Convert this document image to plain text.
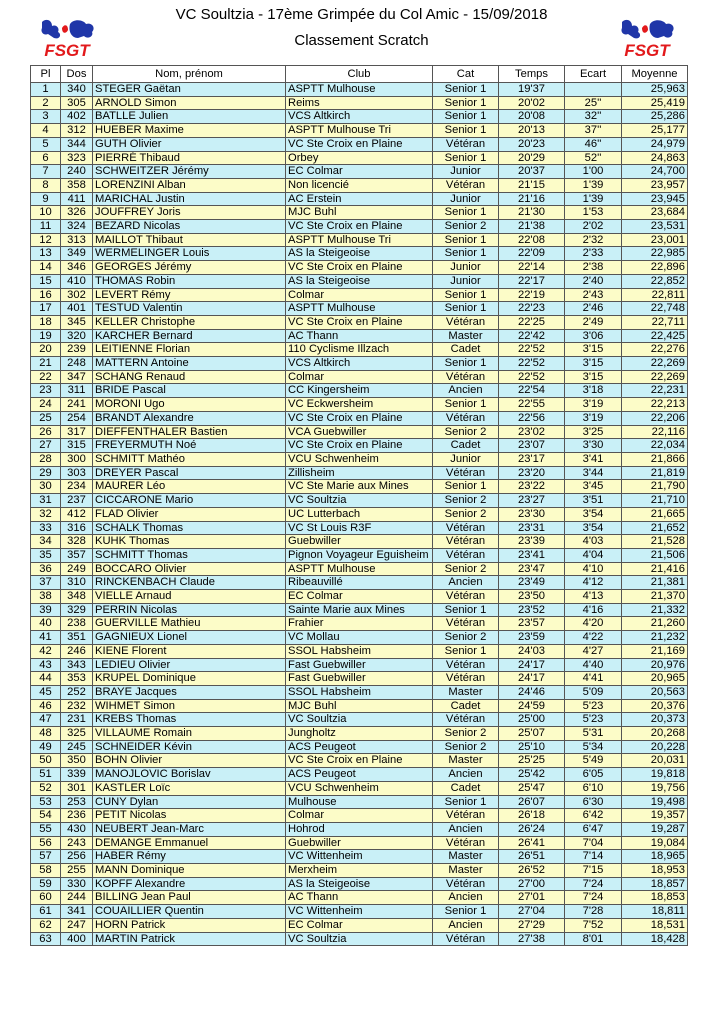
FSGT
VC Soultzia - 17ème Grimpée du Col Amic - 15/09/2018
Classement Scratch
FSGT
Pl	Dos	Nom, prénom	Club	Cat	Temps	Ecart	Moyenne
1	340	STEGER Gaëtan	ASPTT Mulhouse	Senior 1	19'37		25,963
2	305	ARNOLD Simon	Reims	Senior 1	20'02	25''	25,419
3	402	BATLLE Julien	VCS Altkirch	Senior 1	20'08	32''	25,286
4	312	HUEBER Maxime	ASPTT Mulhouse Tri	Senior 1	20'13	37''	25,177
5	344	GUTH Olivier	VC Ste Croix en Plaine	Vétéran	20'23	46''	24,979
6	323	PIERRÉ Thibaud	Orbey	Senior 1	20'29	52''	24,863
7	240	SCHWEITZER Jérémy	EC Colmar	Junior	20'37	1'00	24,700
8	358	LORENZINI Alban	Non licencié	Vétéran	21'15	1'39	23,957
9	411	MARICHAL Justin	AC Erstein	Junior	21'16	1'39	23,945
10	326	JOUFFREY Joris	MJC Buhl	Senior 1	21'30	1'53	23,684
11	324	BEZARD Nicolas	VC Ste Croix en Plaine	Senior 2	21'38	2'02	23,531
12	313	MAILLOT Thibaut	ASPTT Mulhouse Tri	Senior 1	22'08	2'32	23,001
13	349	WERMELINGER Louis	AS la Steigeoise	Senior 1	22'09	2'33	22,985
14	346	GEORGES Jérémy	VC Ste Croix en Plaine	Junior	22'14	2'38	22,896
15	410	THOMAS Robin	AS la Steigeoise	Junior	22'17	2'40	22,852
16	302	LEVERT Rémy	Colmar	Senior 1	22'19	2'43	22,811
17	401	TESTUD Valentin	ASPTT Mulhouse	Senior 1	22'23	2'46	22,748
18	345	KELLER Christophe	VC Ste Croix en Plaine	Vétéran	22'25	2'49	22,711
19	320	KARCHER Bernard	AC Thann	Master	22'42	3'06	22,425
20	239	LEITIENNE Florian	110 Cyclisme Illzach	Cadet	22'52	3'15	22,276
21	248	MATTERN Antoine	VCS Altkirch	Senior 1	22'52	3'15	22,269
22	347	SCHANG Renaud	Colmar	Vétéran	22'52	3'15	22,269
23	311	BRIDE Pascal	CC Kingersheim	Ancien	22'54	3'18	22,231
24	241	MORONI Ugo	VC Eckwersheim	Senior 1	22'55	3'19	22,213
25	254	BRANDT Alexandre	VC Ste Croix en Plaine	Vétéran	22'56	3'19	22,206
26	317	DIEFFENTHALER Bastien	VCA Guebwiller	Senior 2	23'02	3'25	22,116
27	315	FREYERMUTH Noé	VC Ste Croix en Plaine	Cadet	23'07	3'30	22,034
28	300	SCHMITT Mathéo	VCU Schwenheim	Junior	23'17	3'41	21,866
29	303	DREYER Pascal	Zillisheim	Vétéran	23'20	3'44	21,819
30	234	MAURER Léo	VC Ste Marie aux Mines	Senior 1	23'22	3'45	21,790
31	237	CICCARONE Mario	VC Soultzia	Senior 2	23'27	3'51	21,710
32	412	FLAD Olivier	UC Lutterbach	Senior 2	23'30	3'54	21,665
33	316	SCHALK Thomas	VC St Louis R3F	Vétéran	23'31	3'54	21,652
34	328	KUHK Thomas	Guebwiller	Vétéran	23'39	4'03	21,528
35	357	SCHMITT Thomas	Pignon Voyageur Eguisheim	Vétéran	23'41	4'04	21,506
36	249	BOCCARO Olivier	ASPTT Mulhouse	Senior 2	23'47	4'10	21,416
37	310	RINCKENBACH Claude	Ribeauvillé	Ancien	23'49	4'12	21,381
38	348	VIELLE Arnaud	EC Colmar	Vétéran	23'50	4'13	21,370
39	329	PERRIN Nicolas	Sainte Marie aux Mines	Senior 1	23'52	4'16	21,332
40	238	GUERVILLE Mathieu	Frahier	Vétéran	23'57	4'20	21,260
41	351	GAGNIEUX Lionel	VC Mollau	Senior 2	23'59	4'22	21,232
42	246	KIENE Florent	SSOL Habsheim	Senior 1	24'03	4'27	21,169
43	343	LEDIEU Olivier	Fast Guebwiller	Vétéran	24'17	4'40	20,976
44	353	KRUPEL Dominique	Fast Guebwiller	Vétéran	24'17	4'41	20,965
45	252	BRAYE Jacques	SSOL Habsheim	Master	24'46	5'09	20,563
46	232	WIHMET Simon	MJC Buhl	Cadet	24'59	5'23	20,376
47	231	KREBS Thomas	VC Soultzia	Vétéran	25'00	5'23	20,373
48	325	VILLAUME Romain	Jungholtz	Senior 2	25'07	5'31	20,268
49	245	SCHNEIDER Kévin	ACS Peugeot	Senior 2	25'10	5'34	20,228
50	350	BOHN Olivier	VC Ste Croix en Plaine	Master	25'25	5'49	20,031
51	339	MANOJLOVIC Borislav	ACS Peugeot	Ancien	25'42	6'05	19,818
52	301	KASTLER Loïc	VCU Schwenheim	Cadet	25'47	6'10	19,756
53	253	CUNY Dylan	Mulhouse	Senior 1	26'07	6'30	19,498
54	236	PETIT Nicolas	Colmar	Vétéran	26'18	6'42	19,357
55	430	NEUBERT Jean-Marc	Hohrod	Ancien	26'24	6'47	19,287
56	243	DEMANGE Emmanuel	Guebwiller	Vétéran	26'41	7'04	19,084
57	256	HABER Rémy	VC Wittenheim	Master	26'51	7'14	18,965
58	255	MANN Dominique	Merxheim	Master	26'52	7'15	18,953
59	330	KOPFF Alexandre	AS la Steigeoise	Vétéran	27'00	7'24	18,857
60	244	BILLING Jean Paul	AC Thann	Ancien	27'01	7'24	18,853
61	341	COUAILLIER Quentin	VC Wittenheim	Senior 1	27'04	7'28	18,811
62	247	HORN Patrick	EC Colmar	Ancien	27'29	7'52	18,531
63	400	MARTIN Patrick	VC Soultzia	Vétéran	27'38	8'01	18,428
